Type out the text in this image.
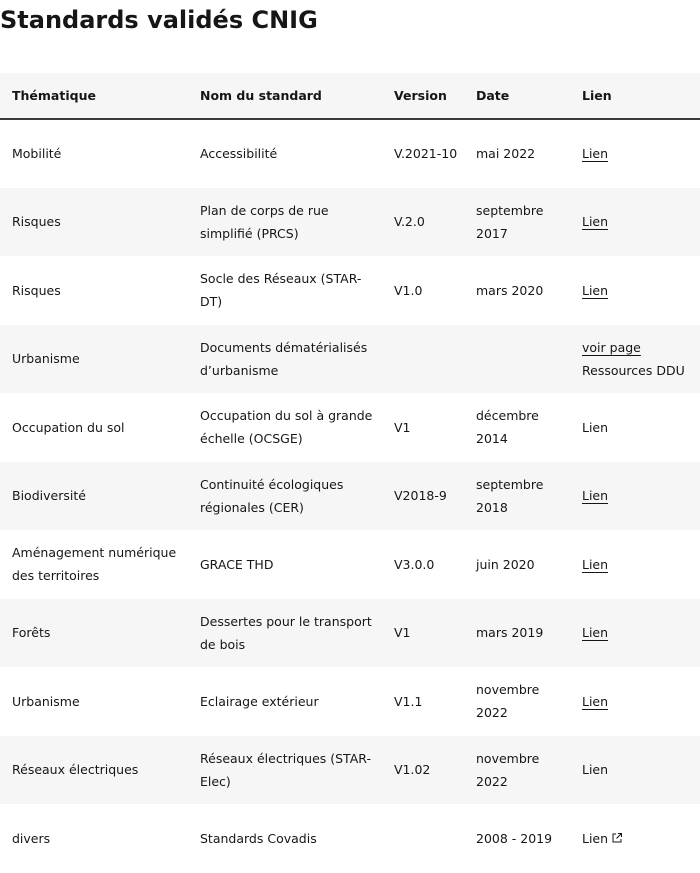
Standards validés CNIG
Thématique	Nom du standard	Version	Date	Lien
Mobilité	Accessibilité	V.2021-10	mai 2022	Lien
Risques	Plan de corps de rue simplifié (PRCS)	V.2.0	septembre 2017	Lien
Risques	Socle des Réseaux (STAR-DT)	V1.0	mars 2020	Lien
Urbanisme	Documents dématérialisés d’urbanisme			voir page
Ressources DDU
Occupation du sol	Occupation du sol à grande échelle (OCSGE)	V1	décembre 2014	Lien
Biodiversité	Continuité écologiques régionales (CER)	V2018-9	septembre 2018	Lien
Aménagement numérique des territoires	GRACE THD	V3.0.0	juin 2020	Lien
Forêts	Dessertes pour le transport de bois	V1	mars 2019	Lien
Urbanisme	Eclairage extérieur	V1.1	novembre 2022	Lien
Réseaux électriques	Réseaux électriques (STAR-Elec)	V1.02	novembre 2022	Lien
divers	Standards Covadis		2008 - 2019	Lien
